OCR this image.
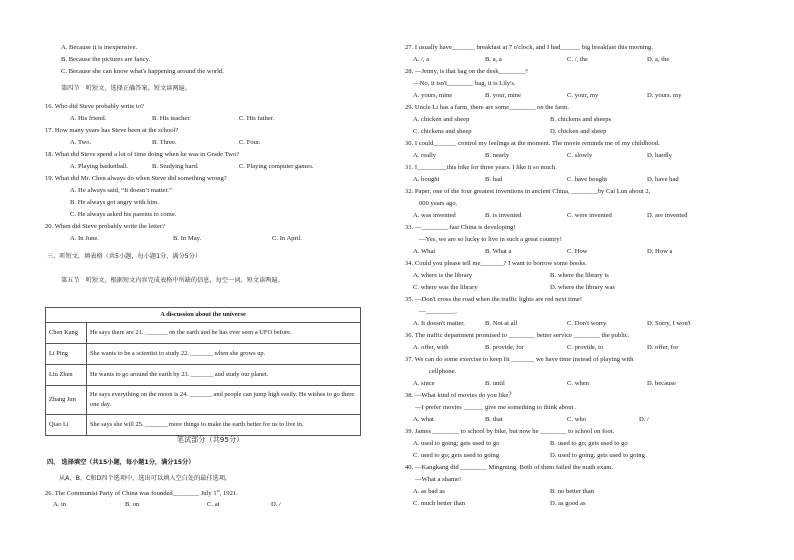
A. Because it is inexpensive.
B. Because the pictures are fancy.
C. Because she can know what's happening around the world.
第四节　听短文，选择正确答案。短文读两遍。
16. Who did Steve probably write to?
A. His friend.	B. His teacher.	C. His father.
17. How many years has Steve been at the school?
A. Two.	B. Three.	C. Four.
18. What did Steve spend a lot of time doing when he was in Grade Two?
A. Playing basketball.	B. Studying hard.	C. Playing computer games.
19. What did Mr. Chen always do when Steve did something wrong?
A. He always said, “It doesn’t matter.”
B. He always got angry with him.
C. He always asked his parents to come.
20. When did Steve probably write the letter?
A. In June.	B. In May.	C. In April.
三、听短文，填表格（共5小题，每小题1分，满分5分）
第五节　听短文，根据短文内容完成表格中所缺的信息，每空一词。短文读两遍。
A discussion about the universe	
Chen Kang	He says there are 21. _______ on the earth and he has ever seen a UFO before.
Li Ping	She wants to be a scientist to study 22. _______ when she grows up.
Liu Zhen	He wants to go around the earth by 23. _______ and study our planet.
Zhang Jun	He says everything on the moon is 24. _______ and people can jump high easily. He wishes to go there one day.
Qiao Li	She says she will 25. _______ more things to make the earth better for us to live in.
笔试部分（共95分）
四、 选择填空（共15小题，每小题1分，满分15分）
从A、B、C和D四个选项中，选出可以填入空白处的最佳选项。
26. The Communist Party of China was founded________ July 1st, 1921.
A. in	B. on	C. at	D. /
27. I usually have_______ breakfast at 7 o'clock, and I had______ big breakfast this morning.
A. /, a	B. a, a	C. /, the	D. a, the
28. —Jenny, is that bag on the desk________?
—No, it isn't________ bag, it is Lily's.
A. yours, mine	B. your, mine	C. your, my	D. yours. my
29. Uncle Li has a farm, there are some________ on the farm.
A. chicken and sheep	B. chickens and sheeps
C. chickens and sheep	D. chicken and sheep
30. I could_______ control my feelings at the moment. The movie reminds me of my childhood.
A. really	B. nearly	C. slowly	D. hardly
31. I_________this bike for three years. I like it so much.
A. bought	B. had	C. have bought	D. have had
32. Paper, one of the four greatest inventions in ancient China, ________by Cai Lun about 2,
000 years ago.
A. was invented	B. is invented	C. were invented	D. are invented
33. —________ fast China is developing!
—Yes, we are so lucky to live in such a great country!
A. What	B. What a	C. How	D. How a
34. Could you please tell me_______? I want to borrow some books.
A. where is the library	B. where the library is
C. where was the library	D. where the library was
35. —Don't cross the road when the traffic lights are red next time!
—_________.
A. It doesn't matter.	B. Not at all	C. Don't worry.	D. Sorry, I won't
36. The traffic department promised to ________ better service ________ the public.
A. offer, with	B. provide, for	C. provide, to	D. offer, for
37. We can do some exercise to keep fit _______ we have time instead of playing with
cellphone.
A. since	B. until	C. when	D. because
38. —What kind of movies do you like？
—I prefer movies ______ give me something to think about .
A. what	B. that	C. who	D. /
39. James ________ to school by bike, but now he ________ to school on foot.
A. used to going; gets used to go	B. used to go; gets used to go
C. used to go; gets used to going	D. used to going; gets used to going
40. —Kangkang did ________ Mingming. Both of them failed the math exam.
—What a shame!
A. as bad as	B. no better than
C. much better than	D. as good as
